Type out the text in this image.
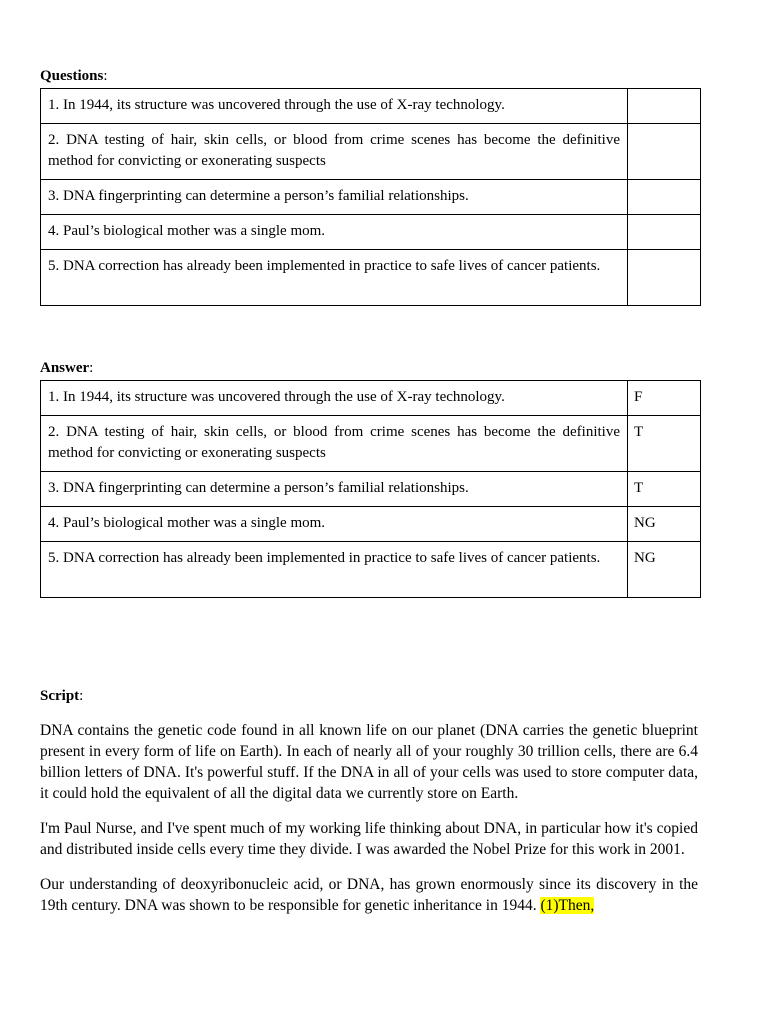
Questions:

1. In 1944, its structure was uncovered through the use of X-ray technology.	
2. DNA testing of hair, skin cells, or blood from crime scenes has become the definitive method for convicting or exonerating suspects	
3. DNA fingerprinting can determine a person’s familial relationships.	
4. Paul’s biological mother was a single mom.	
5. DNA correction has already been implemented in practice to safe lives of cancer patients.	

Answer:

1. In 1944, its structure was uncovered through the use of X-ray technology.	F
2. DNA testing of hair, skin cells, or blood from crime scenes has become the definitive method for convicting or exonerating suspects	T
3. DNA fingerprinting can determine a person’s familial relationships.	T
4. Paul’s biological mother was a single mom.	NG
5. DNA correction has already been implemented in practice to safe lives of cancer patients.	NG

Script:

DNA contains the genetic code found in all known life on our planet (DNA carries the genetic blueprint present in every form of life on Earth). In each of nearly all of your roughly 30 trillion cells, there are 6.4 billion letters of DNA. It's powerful stuff. If the DNA in all of your cells was used to store computer data, it could hold the equivalent of all the digital data we currently store on Earth.

I'm Paul Nurse, and I've spent much of my working life thinking about DNA, in particular how it's copied and distributed inside cells every time they divide. I was awarded the Nobel Prize for this work in 2001.

Our understanding of deoxyribonucleic acid, or DNA, has grown enormously since its discovery in the 19th century. DNA was shown to be responsible for genetic inheritance in 1944. (1)Then,
